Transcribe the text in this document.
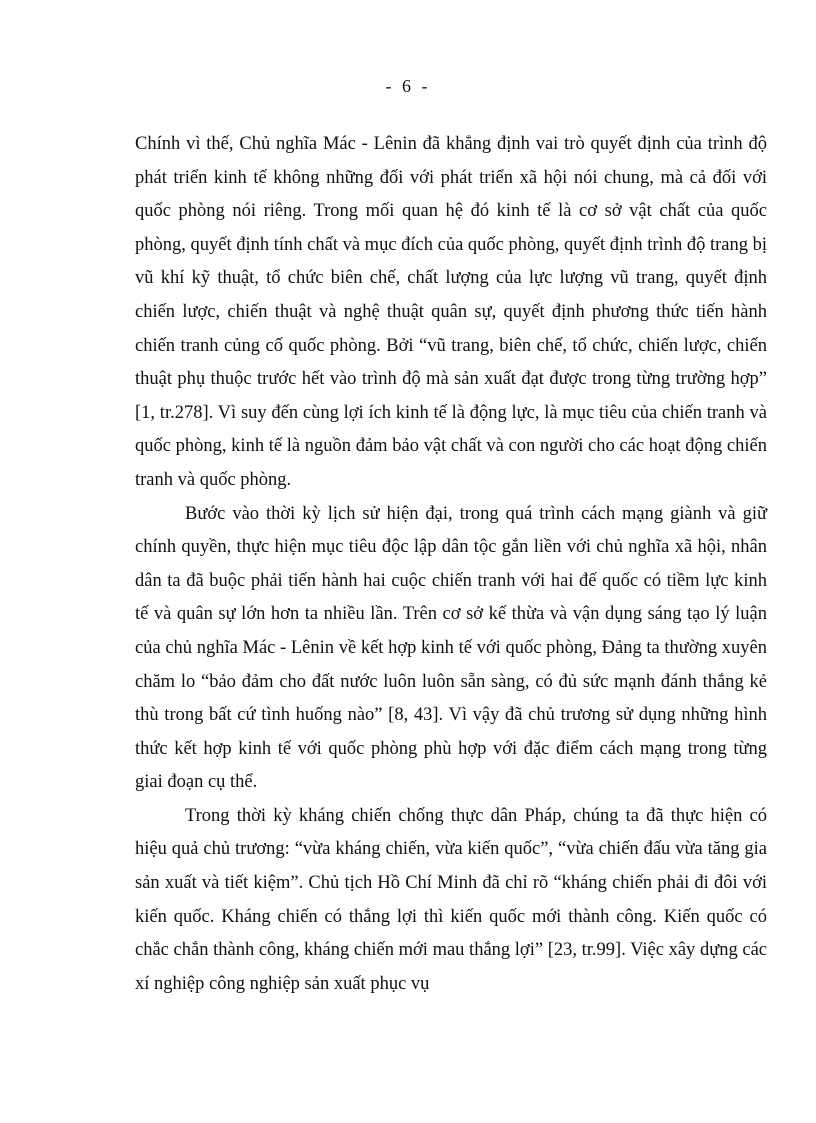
- 6 -

Chính vì thế, Chủ nghĩa Mác - Lênin đã khẳng định vai trò quyết định của trình độ phát triển kinh tế không những đối với phát triển xã hội nói chung, mà cả đối với quốc phòng nói riêng. Trong mối quan hệ đó kinh tế là cơ sở vật chất của quốc phòng, quyết định tính chất và mục đích của quốc phòng, quyết định trình độ trang bị vũ khí kỹ thuật, tổ chức biên chế, chất lượng của lực lượng vũ trang, quyết định chiến lược, chiến thuật và nghệ thuật quân sự, quyết định phương thức tiến hành chiến tranh củng cố quốc phòng. Bởi “vũ trang, biên chế, tổ chức, chiến lược, chiến thuật phụ thuộc trước hết vào trình độ mà sản xuất đạt được trong từng trường hợp” [1, tr.278]. Vì suy đến cùng lợi ích kinh tế là động lực, là mục tiêu của chiến tranh và quốc phòng, kinh tế là nguồn đảm bảo vật chất và con người cho các hoạt động chiến tranh và quốc phòng.

Bước vào thời kỳ lịch sử hiện đại, trong quá trình cách mạng giành và giữ chính quyền, thực hiện mục tiêu độc lập dân tộc gắn liền với chủ nghĩa xã hội, nhân dân ta đã buộc phải tiến hành hai cuộc chiến tranh với hai đế quốc có tiềm lực kinh tế và quân sự lớn hơn ta nhiều lần. Trên cơ sở kế thừa và vận dụng sáng tạo lý luận của chủ nghĩa Mác - Lênin về kết hợp kinh tế với quốc phòng, Đảng ta thường xuyên chăm lo “bảo đảm cho đất nước luôn luôn sẵn sàng, có đủ sức mạnh đánh thắng kẻ thù trong bất cứ tình huống nào” [8, 43]. Vì vậy đã chủ trương sử dụng những hình thức kết hợp kinh tế với quốc phòng phù hợp với đặc điểm cách mạng trong từng giai đoạn cụ thể.

Trong thời kỳ kháng chiến chống thực dân Pháp, chúng ta đã thực hiện có hiệu quả chủ trương: “vừa kháng chiến, vừa kiến quốc”, “vừa chiến đấu vừa tăng gia sản xuất và tiết kiệm”. Chủ tịch Hồ Chí Minh đã chỉ rõ “kháng chiến phải đi đôi với kiến quốc. Kháng chiến có thắng lợi thì kiến quốc mới thành công. Kiến quốc có chắc chắn thành công, kháng chiến mới mau thắng lợi” [23, tr.99]. Việc xây dựng các xí nghiệp công nghiệp sản xuất phục vụ
